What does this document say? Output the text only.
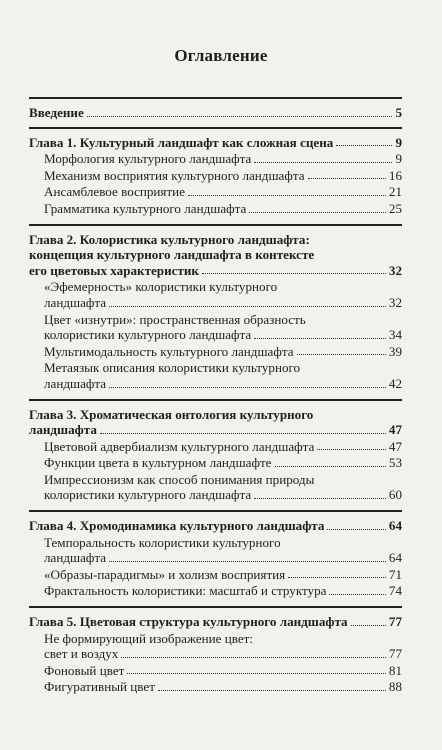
Оглавление
Введение	5
Глава 1. Культурный ландшафт как сложная сцена	9
Морфология культурного ландшафта	9
Механизм восприятия культурного ландшафта	16
Ансамблевое восприятие	21
Грамматика культурного ландшафта	25
Глава 2. Колористика культурного ландшафта:
концепция культурного ландшафта в контексте
его цветовых характеристик	32
«Эфемерность» колористики культурного
ландшафта	32
Цвет «изнутри»: пространственная образность
колористики культурного ландшафта	34
Мультимодальность культурного ландшафта	39
Метаязык описания колористики культурного
ландшафта	42
Глава 3. Хроматическая онтология культурного
ландшафта	47
Цветовой адвербиализм культурного ландшафта	47
Функции цвета в культурном ландшафте	53
Импрессионизм как способ понимания природы
колористики культурного ландшафта	60
Глава 4. Хромодинамика культурного ландшафта	64
Темпоральность колористики культурного
ландшафта	64
«Образы-парадигмы» и холизм восприятия	71
Фрактальность колористики: масштаб и структура	74
Глава 5. Цветовая структура культурного ландшафта	77
Не формирующий изображение цвет:
свет и воздух	77
Фоновый цвет	81
Фигуративный цвет	88
